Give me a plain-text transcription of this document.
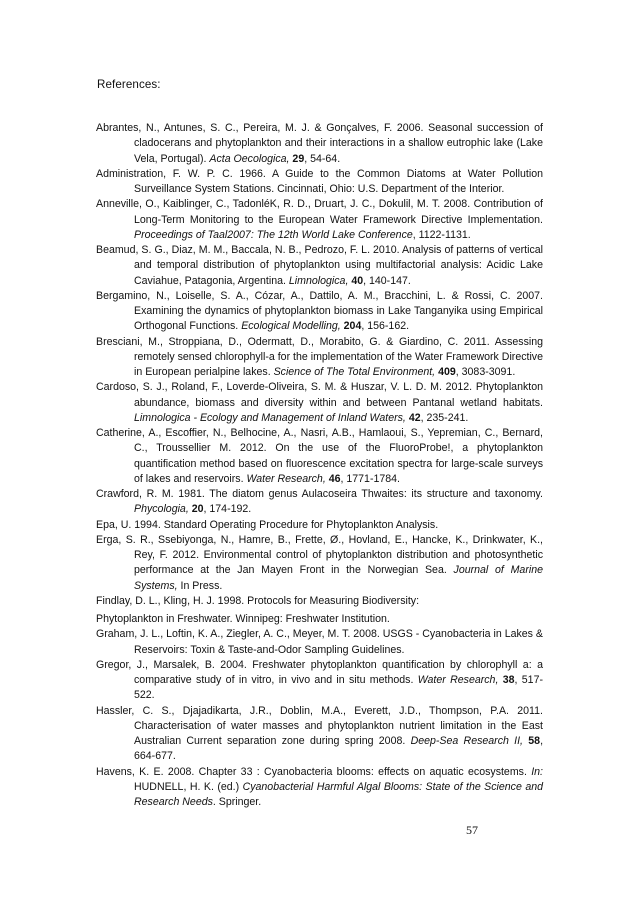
References:

Abrantes, N., Antunes, S. C., Pereira, M. J. & Gonçalves, F. 2006. Seasonal succession of cladocerans and phytoplankton and their interactions in a shallow eutrophic lake (Lake Vela, Portugal). Acta Oecologica, 29, 54-64.

Administration, F. W. P. C. 1966. A Guide to the Common Diatoms at Water Pollution Surveillance System Stations. Cincinnati, Ohio: U.S. Department of the Interior.

Anneville, O., Kaiblinger, C., TadonléK, R. D., Druart, J. C., Dokulil, M. T. 2008. Contribution of Long-Term Monitoring to the European Water Framework Directive Implementation. Proceedings of Taal2007: The 12th World Lake Conference, 1122-1131.

Beamud, S. G., Diaz, M. M., Baccala, N. B., Pedrozo, F. L. 2010. Analysis of patterns of vertical and temporal distribution of phytoplankton using multifactorial analysis: Acidic Lake Caviahue, Patagonia, Argentina. Limnologica, 40, 140-147.

Bergamino, N., Loiselle, S. A., Cózar, A., Dattilo, A. M., Bracchini, L. & Rossi, C. 2007. Examining the dynamics of phytoplankton biomass in Lake Tanganyika using Empirical Orthogonal Functions. Ecological Modelling, 204, 156-162.

Bresciani, M., Stroppiana, D., Odermatt, D., Morabito, G. & Giardino, C. 2011. Assessing remotely sensed chlorophyll-a for the implementation of the Water Framework Directive in European perialpine lakes. Science of The Total Environment, 409, 3083-3091.

Cardoso, S. J., Roland, F., Loverde-Oliveira, S. M. & Huszar, V. L. D. M. 2012. Phytoplankton abundance, biomass and diversity within and between Pantanal wetland habitats. Limnologica - Ecology and Management of Inland Waters, 42, 235-241.

Catherine, A., Escoffier, N., Belhocine, A., Nasri, A.B., Hamlaoui, S., Yepremian, C., Bernard, C., Troussellier M. 2012. On the use of the FluoroProbe!, a phytoplankton quantification method based on fluorescence excitation spectra for large-scale surveys of lakes and reservoirs. Water Research, 46, 1771-1784.

Crawford, R. M. 1981. The diatom genus Aulacoseira Thwaites: its structure and taxonomy. Phycologia, 20, 174-192.

Epa, U. 1994. Standard Operating Procedure for Phytoplankton Analysis.

Erga, S. R., Ssebiyonga, N., Hamre, B., Frette, Ø., Hovland, E., Hancke, K., Drinkwater, K., Rey, F. 2012. Environmental control of phytoplankton distribution and photosynthetic performance at the Jan Mayen Front in the Norwegian Sea. Journal of Marine Systems, In Press.

Findlay, D. L., Kling, H. J. 1998. Protocols for Measuring Biodiversity:

Phytoplankton in Freshwater. Winnipeg: Freshwater Institution.

Graham, J. L., Loftin, K. A., Ziegler, A. C., Meyer, M. T. 2008. USGS - Cyanobacteria in Lakes & Reservoirs: Toxin & Taste-and-Odor Sampling Guidelines.

Gregor, J., Marsalek, B. 2004. Freshwater phytoplankton quantification by chlorophyll a: a comparative study of in vitro, in vivo and in situ methods. Water Research, 38, 517-522.

Hassler, C. S., Djajadikarta, J.R., Doblin, M.A., Everett, J.D., Thompson, P.A. 2011. Characterisation of water masses and phytoplankton nutrient limitation in the East Australian Current separation zone during spring 2008. Deep-Sea Research II, 58, 664-677.

Havens, K. E. 2008. Chapter 33 : Cyanobacteria blooms: effects on aquatic ecosystems. In: HUDNELL, H. K. (ed.) Cyanobacterial Harmful Algal Blooms: State of the Science and Research Needs. Springer.

57
